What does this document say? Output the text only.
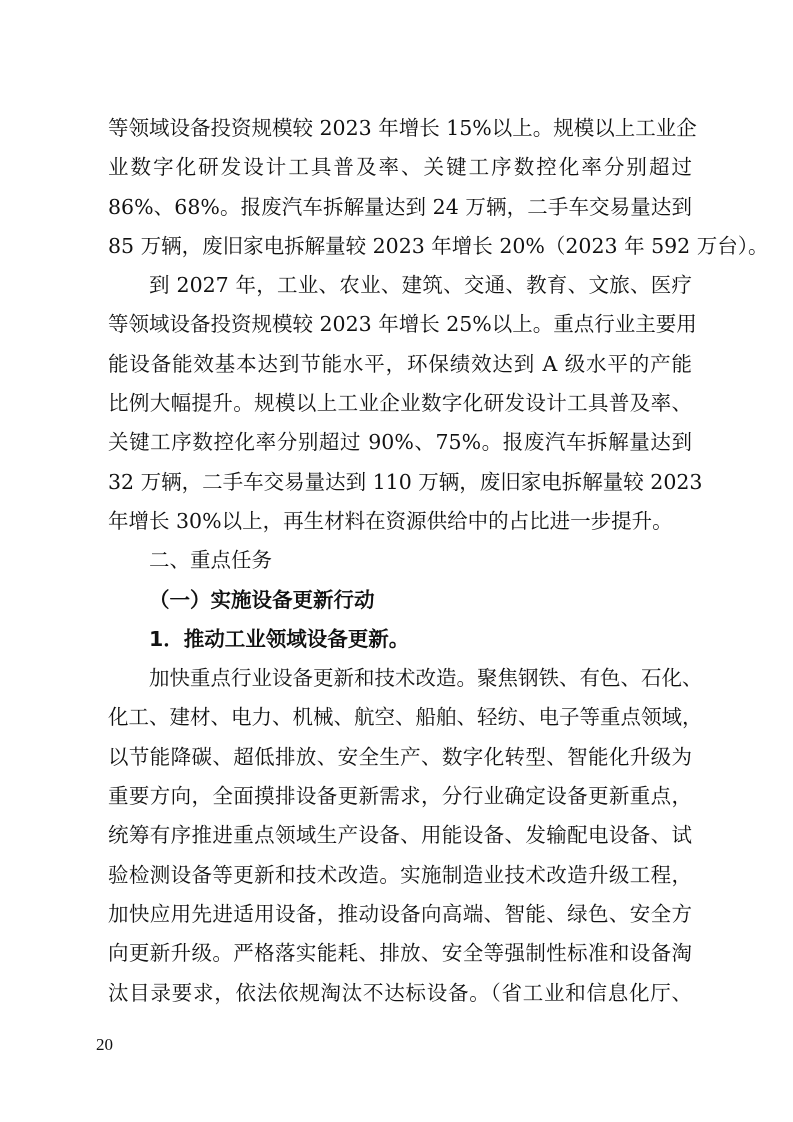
等领域设备投资规模较 2023 年增长 15%以上。规模以上工业企
业数字化研发设计工具普及率、关键工序数控化率分别超过
86%、68%。报废汽车拆解量达到 24 万辆，二手车交易量达到
85 万辆，废旧家电拆解量较 2023 年增长 20%（2023 年 592 万台）。
到 2027 年，工业、农业、建筑、交通、教育、文旅、医疗
等领域设备投资规模较 2023 年增长 25%以上。重点行业主要用
能设备能效基本达到节能水平，环保绩效达到 A 级水平的产能
比例大幅提升。规模以上工业企业数字化研发设计工具普及率、
关键工序数控化率分别超过 90%、75%。报废汽车拆解量达到
32 万辆，二手车交易量达到 110 万辆，废旧家电拆解量较 2023
年增长 30%以上，再生材料在资源供给中的占比进一步提升。
二、重点任务
（一）实施设备更新行动
1．推动工业领域设备更新。
加快重点行业设备更新和技术改造。聚焦钢铁、有色、石化、
化工、建材、电力、机械、航空、船舶、轻纺、电子等重点领域，
以节能降碳、超低排放、安全生产、数字化转型、智能化升级为
重要方向，全面摸排设备更新需求，分行业确定设备更新重点，
统筹有序推进重点领域生产设备、用能设备、发输配电设备、试
验检测设备等更新和技术改造。实施制造业技术改造升级工程，
加快应用先进适用设备，推动设备向高端、智能、绿色、安全方
向更新升级。严格落实能耗、排放、安全等强制性标准和设备淘
汰目录要求，依法依规淘汰不达标设备。（省工业和信息化厅、
20
